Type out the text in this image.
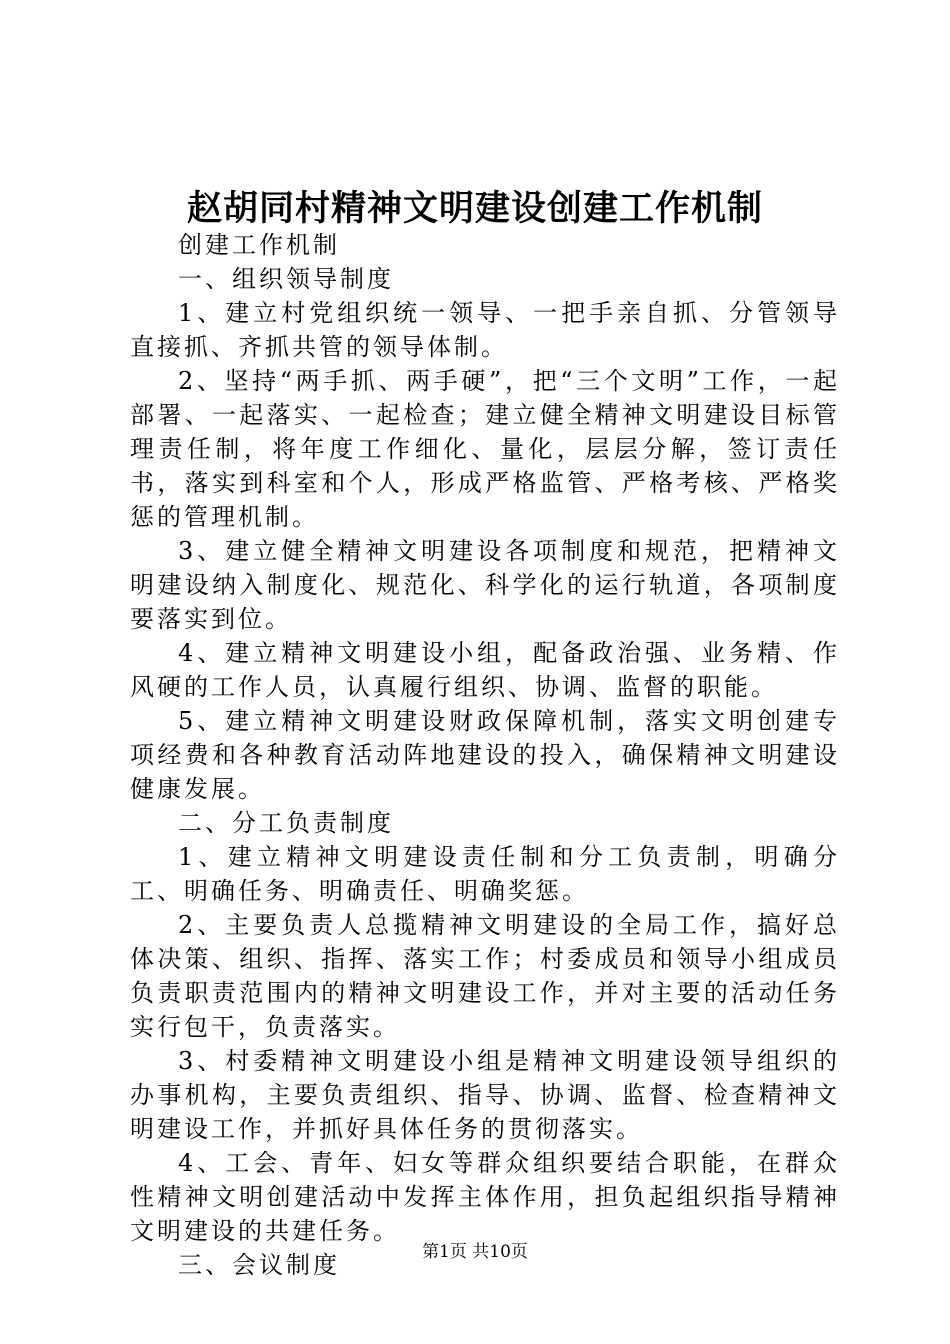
赵胡同村精神文明建设创建工作机制

创建工作机制

一、组织领导制度

1、建立村党组织统一领导、一把手亲自抓、分管领导直接抓、齐抓共管的领导体制。

2、坚持“两手抓、两手硬”，把“三个文明”工作，一起部署、一起落实、一起检查；建立健全精神文明建设目标管理责任制，将年度工作细化、量化，层层分解，签订责任书，落实到科室和个人，形成严格监管、严格考核、严格奖惩的管理机制。

3、建立健全精神文明建设各项制度和规范，把精神文明建设纳入制度化、规范化、科学化的运行轨道，各项制度要落实到位。

4、建立精神文明建设小组，配备政治强、业务精、作风硬的工作人员，认真履行组织、协调、监督的职能。

5、建立精神文明建设财政保障机制，落实文明创建专项经费和各种教育活动阵地建设的投入，确保精神文明建设健康发展。

二、分工负责制度

1、建立精神文明建设责任制和分工负责制，明确分工、明确任务、明确责任、明确奖惩。

2、主要负责人总揽精神文明建设的全局工作，搞好总体决策、组织、指挥、落实工作；村委成员和领导小组成员负责职责范围内的精神文明建设工作，并对主要的活动任务实行包干，负责落实。

3、村委精神文明建设小组是精神文明建设领导组织的办事机构，主要负责组织、指导、协调、监督、检查精神文明建设工作，并抓好具体任务的贯彻落实。

4、工会、青年、妇女等群众组织要结合职能，在群众性精神文明创建活动中发挥主体作用，担负起组织指导精神文明建设的共建任务。

三、会议制度	第1页 共10页
